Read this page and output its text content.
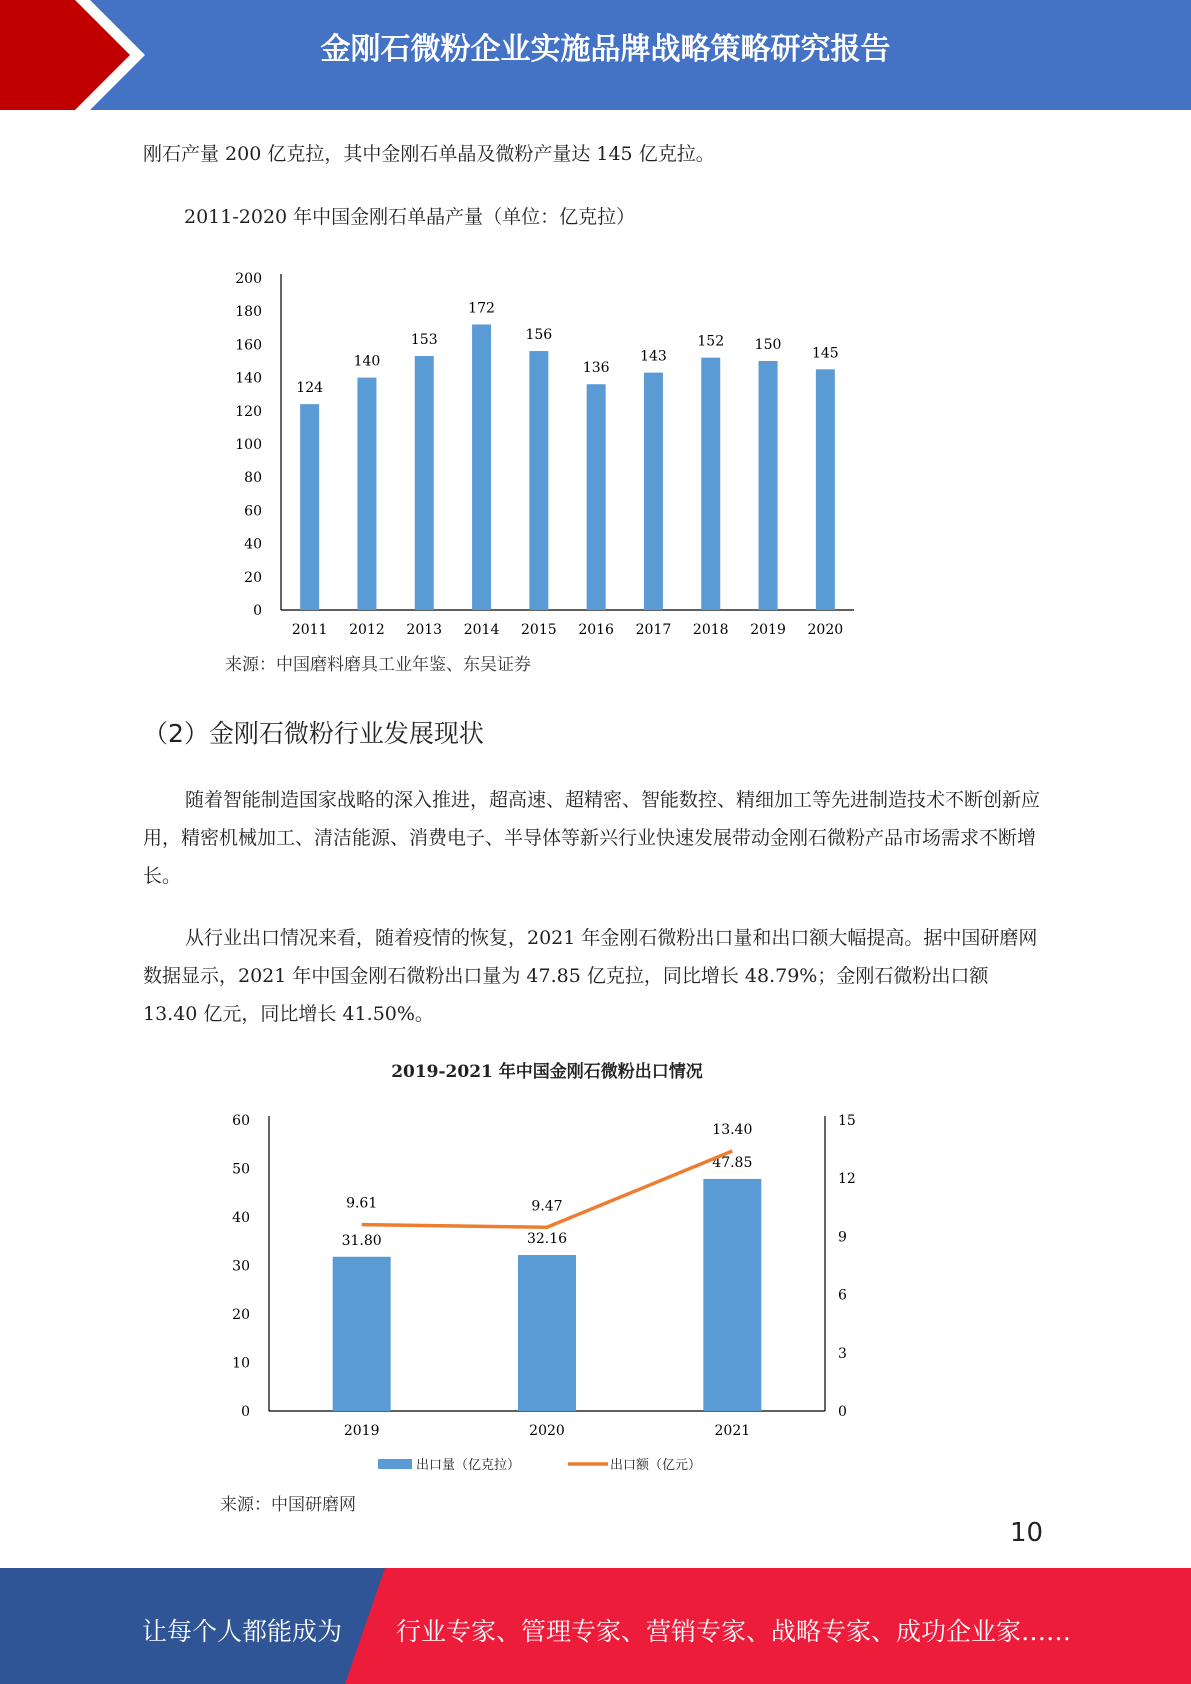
金刚石微粉企业实施品牌战略策略研究报告

刚石产量 200 亿克拉，其中金刚石单晶及微粉产量达 145 亿克拉。

2011-2020 年中国金刚石单晶产量（单位：亿克拉）
0
20
40
60
80
100
120
140
160
180
200
124
2011
140
2012
153
2013
172
2014
156
2015
136
2016
143
2017
152
2018
150
2019
145
2020
来源：中国磨料磨具工业年鉴、东吴证券
（2）金刚石微粉行业发展现状

随着智能制造国家战略的深入推进，超高速、超精密、智能数控、精细加工等先进制造技术不断创新应用，精密机械加工、清洁能源、消费电子、半导体等新兴行业快速发展带动金刚石微粉产品市场需求不断增长。

从行业出口情况来看，随着疫情的恢复，2021 年金刚石微粉出口量和出口额大幅提高。据中国研磨网数据显示，2021 年中国金刚石微粉出口量为 47.85 亿克拉，同比增长 48.79%；金刚石微粉出口额 13.40 亿元，同比增长 41.50%。

2019-2021 年中国金刚石微粉出口情况
0
10
20
30
40
50
60
0
3
6
9
12
15
31.80
2019
32.16
2020
47.85
2021
9.61	9.47
13.40
出口量（亿克拉）	出口额（亿元）
来源：中国研磨网
10
让每个人都能成为 行业专家、管理专家、营销专家、战略专家、成功企业家……
